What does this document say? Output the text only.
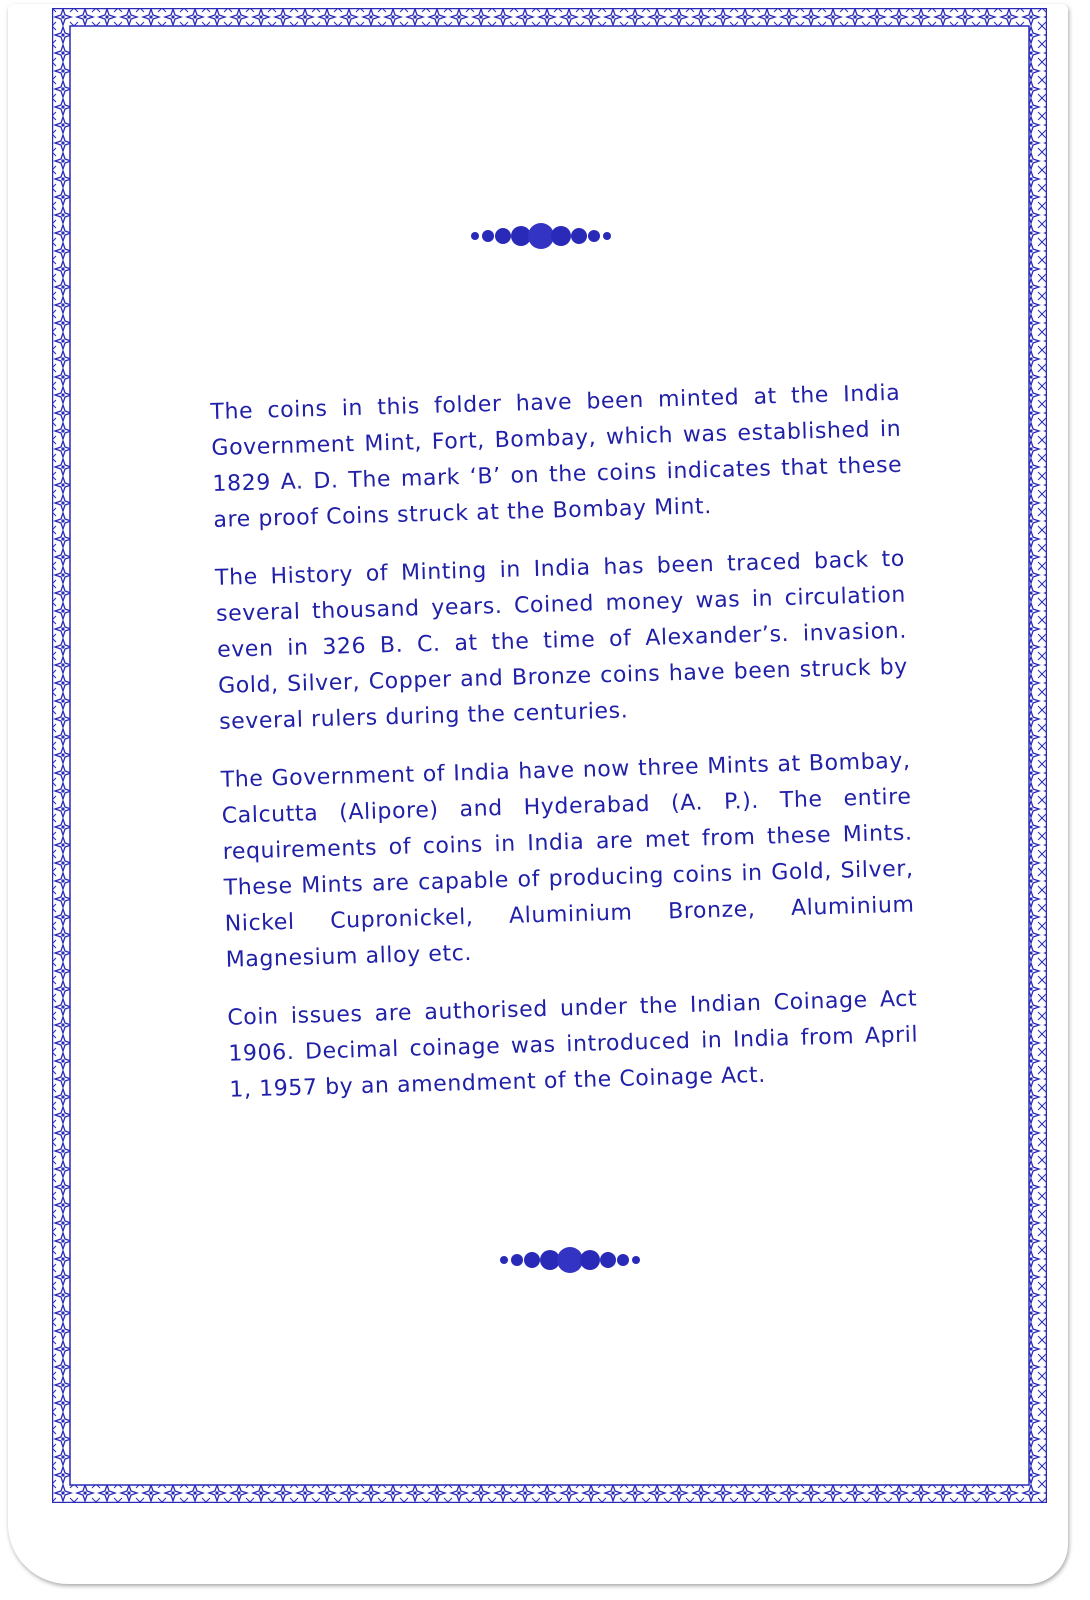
The coins in this folder have been minted at the India Government Mint, Fort, Bombay, which was established in 1829 A. D. The mark ‘B’ on the coins indicates that these are proof Coins struck at the Bombay Mint.

The History of Minting in India has been traced back to several thousand years. Coined money was in circulation even in 326 B. C. at the time of Alexander’s. invasion. Gold, Silver, Copper and Bronze coins have been struck by several rulers during the centuries.

The Government of India have now three Mints at Bombay, Calcutta (Alipore) and Hyderabad (A. P.). The entire requirements of coins in India are met from these Mints. These Mints are capable of producing coins in Gold, Silver, Nickel Cupronickel, Aluminium Bronze, Aluminium Magnesium alloy etc.

Coin issues are authorised under the Indian Coinage Act 1906. Decimal coinage was introduced in India from April 1, 1957 by an amendment of the Coinage Act.
